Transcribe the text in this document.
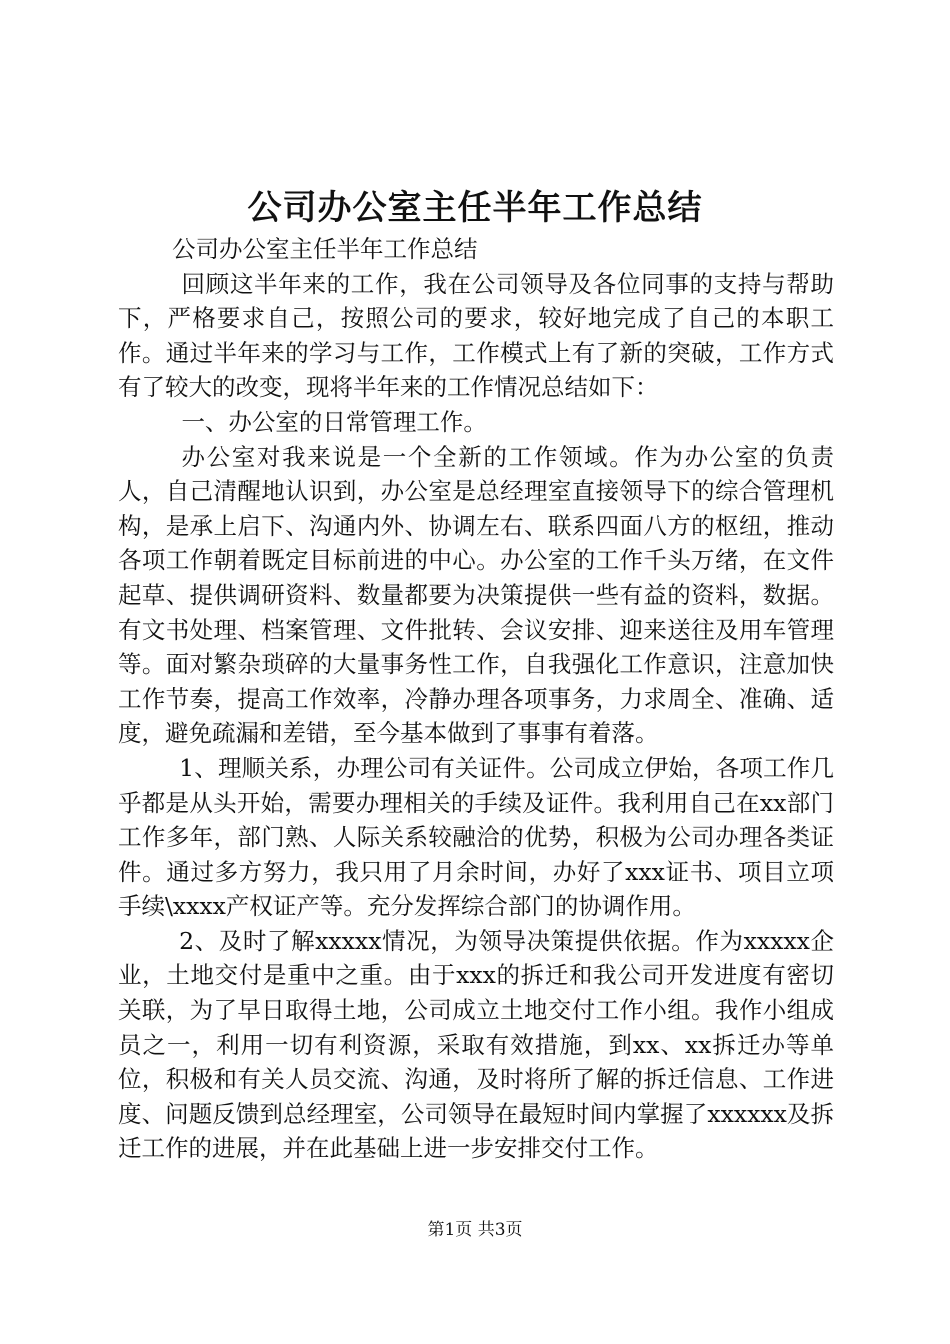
公司办公室主任半年工作总结

公司办公室主任半年工作总结

回顾这半年来的工作，我在公司领导及各位同事的支持与帮助下，严格要求自己，按照公司的要求，较好地完成了自己的本职工作。通过半年来的学习与工作，工作模式上有了新的突破，工作方式有了较大的改变，现将半年来的工作情况总结如下：

一、办公室的日常管理工作。

办公室对我来说是一个全新的工作领域。作为办公室的负责人，自己清醒地认识到，办公室是总经理室直接领导下的综合管理机构，是承上启下、沟通内外、协调左右、联系四面八方的枢纽，推动各项工作朝着既定目标前进的中心。办公室的工作千头万绪，在文件起草、提供调研资料、数量都要为决策提供一些有益的资料，数据。有文书处理、档案管理、文件批转、会议安排、迎来送往及用车管理等。面对繁杂琐碎的大量事务性工作，自我强化工作意识，注意加快工作节奏，提高工作效率，冷静办理各项事务，力求周全、准确、适度，避免疏漏和差错，至今基本做到了事事有着落。

1、理顺关系，办理公司有关证件。公司成立伊始，各项工作几乎都是从头开始，需要办理相关的手续及证件。我利用自己在xx部门工作多年，部门熟、人际关系较融洽的优势，积极为公司办理各类证件。通过多方努力，我只用了月余时间，办好了xxx证书、项目立项手续\xxxx产权证产等。充分发挥综合部门的协调作用。

2、及时了解xxxxx情况，为领导决策提供依据。作为xxxxx企业，土地交付是重中之重。由于xxx的拆迁和我公司开发进度有密切关联，为了早日取得土地，公司成立土地交付工作小组。我作小组成员之一，利用一切有利资源，采取有效措施，到xx、xx拆迁办等单位，积极和有关人员交流、沟通，及时将所了解的拆迁信息、工作进度、问题反馈到总经理室，公司领导在最短时间内掌握了xxxxxx及拆迁工作的进展，并在此基础上进一步安排交付工作。

第1页 共3页
